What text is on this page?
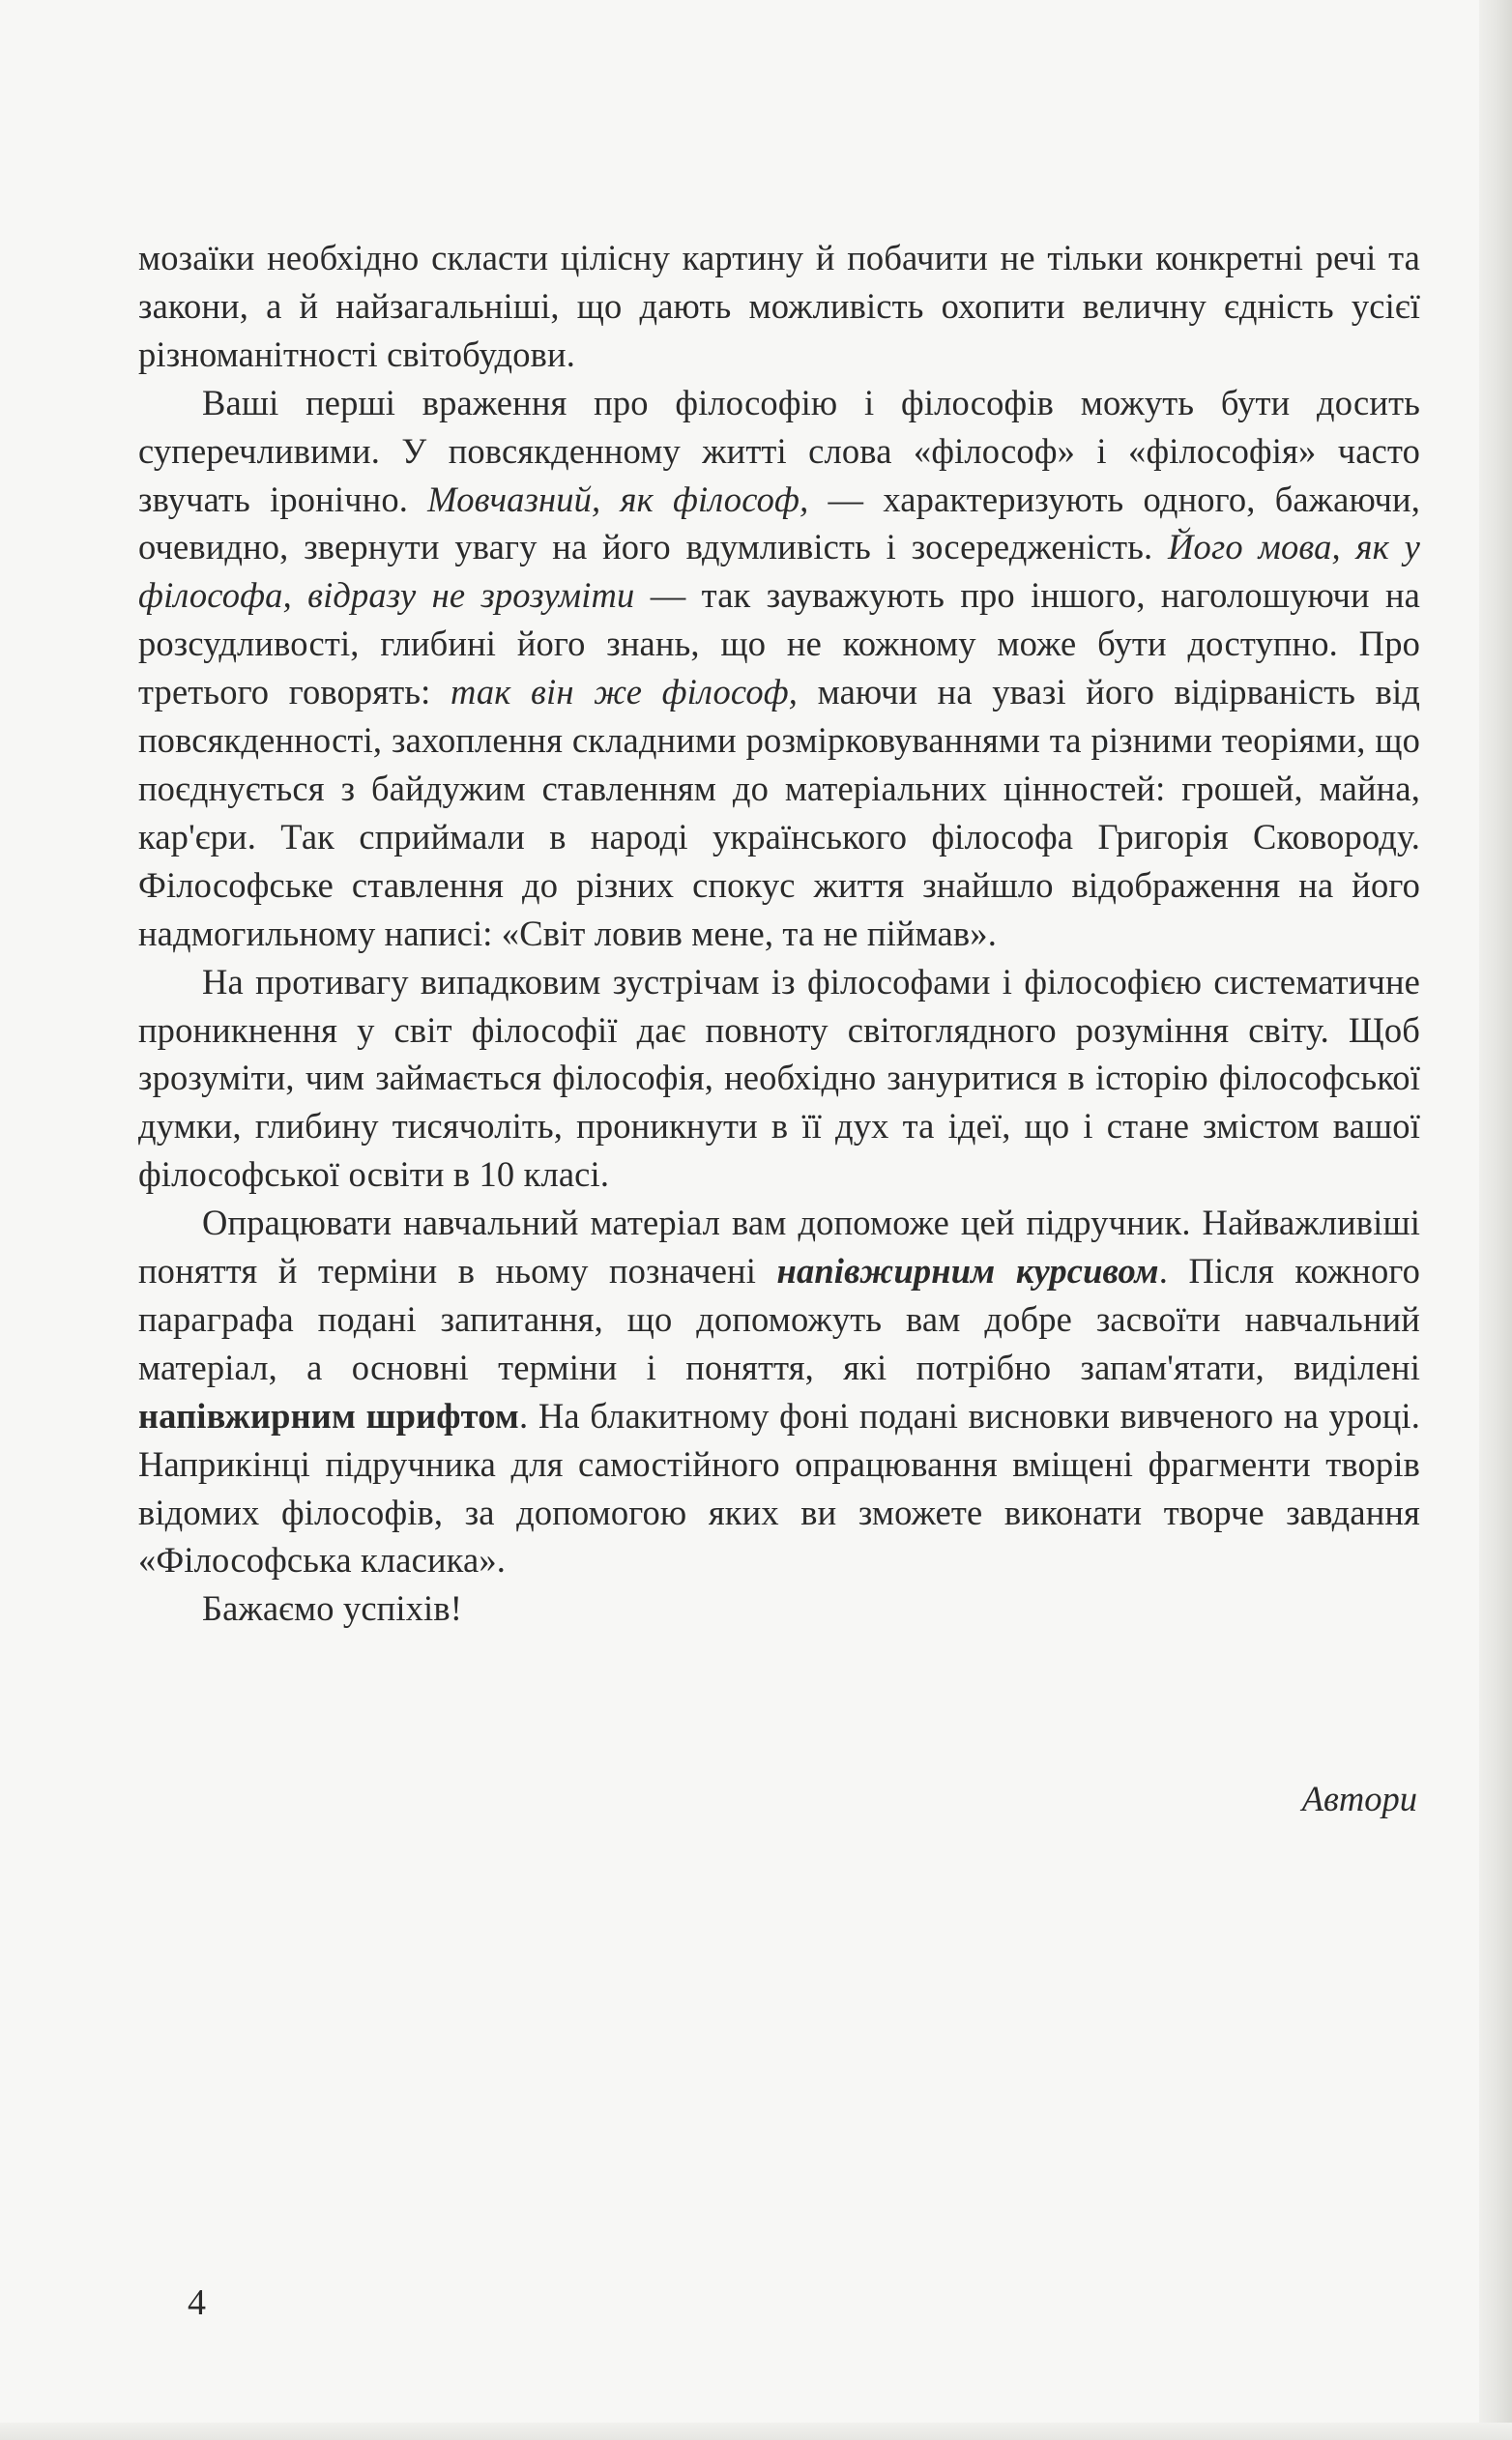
мозаїки необхідно скласти цілісну картину й побачити не тільки конкретні речі та закони, а й найзагальніші, що дають можливість охопити величну єдність усієї різноманітності світобудови.

Ваші перші враження про філософію і філософів можуть бути досить суперечливими. У повсякденному житті слова «філософ» і «філософія» часто звучать іронічно. Мовчазний, як філософ, — характеризують одного, бажаючи, очевидно, звернути увагу на його вдумливість і зосередженість. Його мова, як у філософа, відразу не зрозуміти — так зауважують про іншого, наголошуючи на розсудливості, глибині його знань, що не кожному може бути доступно. Про третього говорять: так він же філософ, маючи на увазі його відірваність від повсякденності, захоплення складними розмірковуваннями та різними теоріями, що поєднується з байдужим ставленням до матеріальних цінностей: грошей, майна, кар'єри. Так сприймали в народі українського філософа Григорія Сковороду. Філософське ставлення до різних спокус життя знайшло відображення на його надмогильному написі: «Світ ловив мене, та не піймав».

На противагу випадковим зустрічам із філософами і філософією систематичне проникнення у світ філософії дає повноту світоглядного розуміння світу. Щоб зрозуміти, чим займається філософія, необхідно зануритися в історію філософської думки, глибину тисячоліть, проникнути в її дух та ідеї, що і стане змістом вашої філософської освіти в 10 класі.

Опрацювати навчальний матеріал вам допоможе цей підручник. Найважливіші поняття й терміни в ньому позначені напівжирним курсивом. Після кожного параграфа подані запитання, що допоможуть вам добре засвоїти навчальний матеріал, а основні терміни і поняття, які потрібно запам'ятати, виділені напівжирним шрифтом. На блакитному фоні подані висновки вивченого на уроці. Наприкінці підручника для самостійного опрацювання вміщені фрагменти творів відомих філософів, за допомогою яких ви зможете виконати творче завдання «Філософська класика».

Бажаємо успіхів!

Автори
4
